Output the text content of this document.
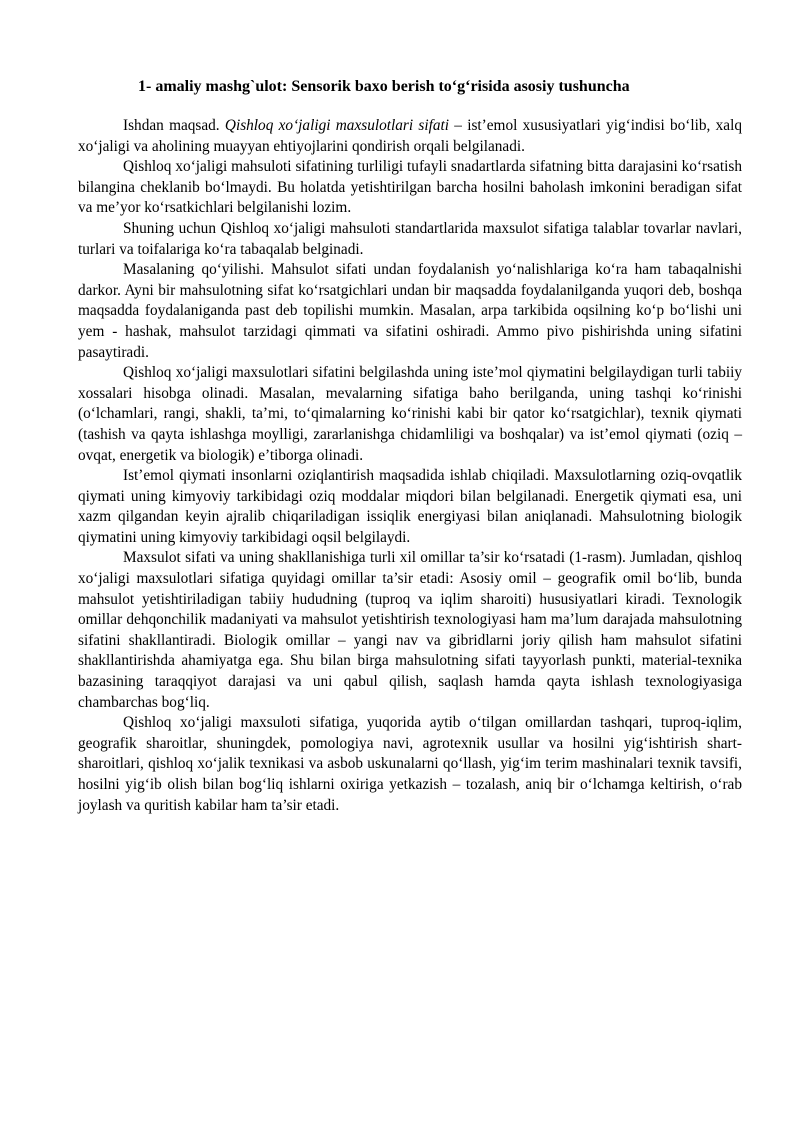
1- amaliy mashg`ulot: Sensorik baxo berish to‘g‘risida asosiy tushuncha

Ishdan maqsad. Qishloq xo‘jaligi maxsulotlari sifati – ist’emol xususiyatlari yig‘indisi bo‘lib, xalq xo‘jaligi va aholining muayyan ehtiyojlarini qondirish orqali belgilanadi.

Qishloq xo‘jaligi mahsuloti sifatining turliligi tufayli snadartlarda sifatning bitta darajasini ko‘rsatish bilangina cheklanib bo‘lmaydi. Bu holatda yetishtirilgan barcha hosilni baholash imkonini beradigan sifat va me’yor ko‘rsatkichlari belgilanishi lozim.

Shuning uchun Qishloq xo‘jaligi mahsuloti standartlarida maxsulot sifatiga talablar tovarlar navlari, turlari va toifalariga ko‘ra tabaqalab belginadi.

Masalaning qo‘yilishi. Mahsulot sifati undan foydalanish yo‘nalishlariga ko‘ra ham tabaqalnishi darkor. Ayni bir mahsulotning sifat ko‘rsatgichlari undan bir maqsadda foydalanilganda yuqori deb, boshqa maqsadda foydalaniganda past deb topilishi mumkin. Masalan, arpa tarkibida oqsilning ko‘p bo‘lishi uni yem - hashak, mahsulot tarzidagi qimmati va sifatini oshiradi. Ammo pivo pishirishda uning sifatini pasaytiradi.

Qishloq xo‘jaligi maxsulotlari sifatini belgilashda uning iste’mol qiymatini belgilaydigan turli tabiiy xossalari hisobga olinadi. Masalan, mevalarning sifatiga baho berilganda, uning tashqi ko‘rinishi (o‘lchamlari, rangi, shakli, ta’mi, to‘qimalarning ko‘rinishi kabi bir qator ko‘rsatgichlar), texnik qiymati (tashish va qayta ishlashga moylligi, zararlanishga chidamliligi va boshqalar) va ist’emol qiymati (oziq – ovqat, energetik va biologik) e’tiborga olinadi.

Ist’emol qiymati insonlarni oziqlantirish maqsadida ishlab chiqiladi. Maxsulotlarning oziq-ovqatlik qiymati uning kimyoviy tarkibidagi oziq moddalar miqdori bilan belgilanadi. Energetik qiymati esa, uni xazm qilgandan keyin ajralib chiqariladigan issiqlik energiyasi bilan aniqlanadi. Mahsulotning biologik qiymatini uning kimyoviy tarkibidagi oqsil belgilaydi.

Maxsulot sifati va uning shakllanishiga turli xil omillar ta’sir ko‘rsatadi (1-rasm). Jumladan, qishloq xo‘jaligi maxsulotlari sifatiga quyidagi omillar ta’sir etadi: Asosiy omil – geografik omil bo‘lib, bunda mahsulot yetishtiriladigan tabiiy hududning (tuproq va iqlim sharoiti) hususiyatlari kiradi. Texnologik omillar dehqonchilik madaniyati va mahsulot yetishtirish texnologiyasi ham ma’lum darajada mahsulotning sifatini shakllantiradi. Biologik omillar – yangi nav va gibridlarni joriy qilish ham mahsulot sifatini shakllantirishda ahamiyatga ega. Shu bilan birga mahsulotning sifati tayyorlash punkti, material-texnika bazasining taraqqiyot darajasi va uni qabul qilish, saqlash hamda qayta ishlash texnologiyasiga chambarchas bog‘liq.

Qishloq xo‘jaligi maxsuloti sifatiga, yuqorida aytib o‘tilgan omillardan tashqari, tuproq-iqlim, geografik sharoitlar, shuningdek, pomologiya navi, agrotexnik usullar va hosilni yig‘ishtirish shart-sharoitlari, qishloq xo‘jalik texnikasi va asbob uskunalarni qo‘llash, yig‘im terim mashinalari texnik tavsifi, hosilni yig‘ib olish bilan bog‘liq ishlarni oxiriga yetkazish – tozalash, aniq bir o‘lchamga keltirish, o‘rab joylash va quritish kabilar ham ta’sir etadi.
